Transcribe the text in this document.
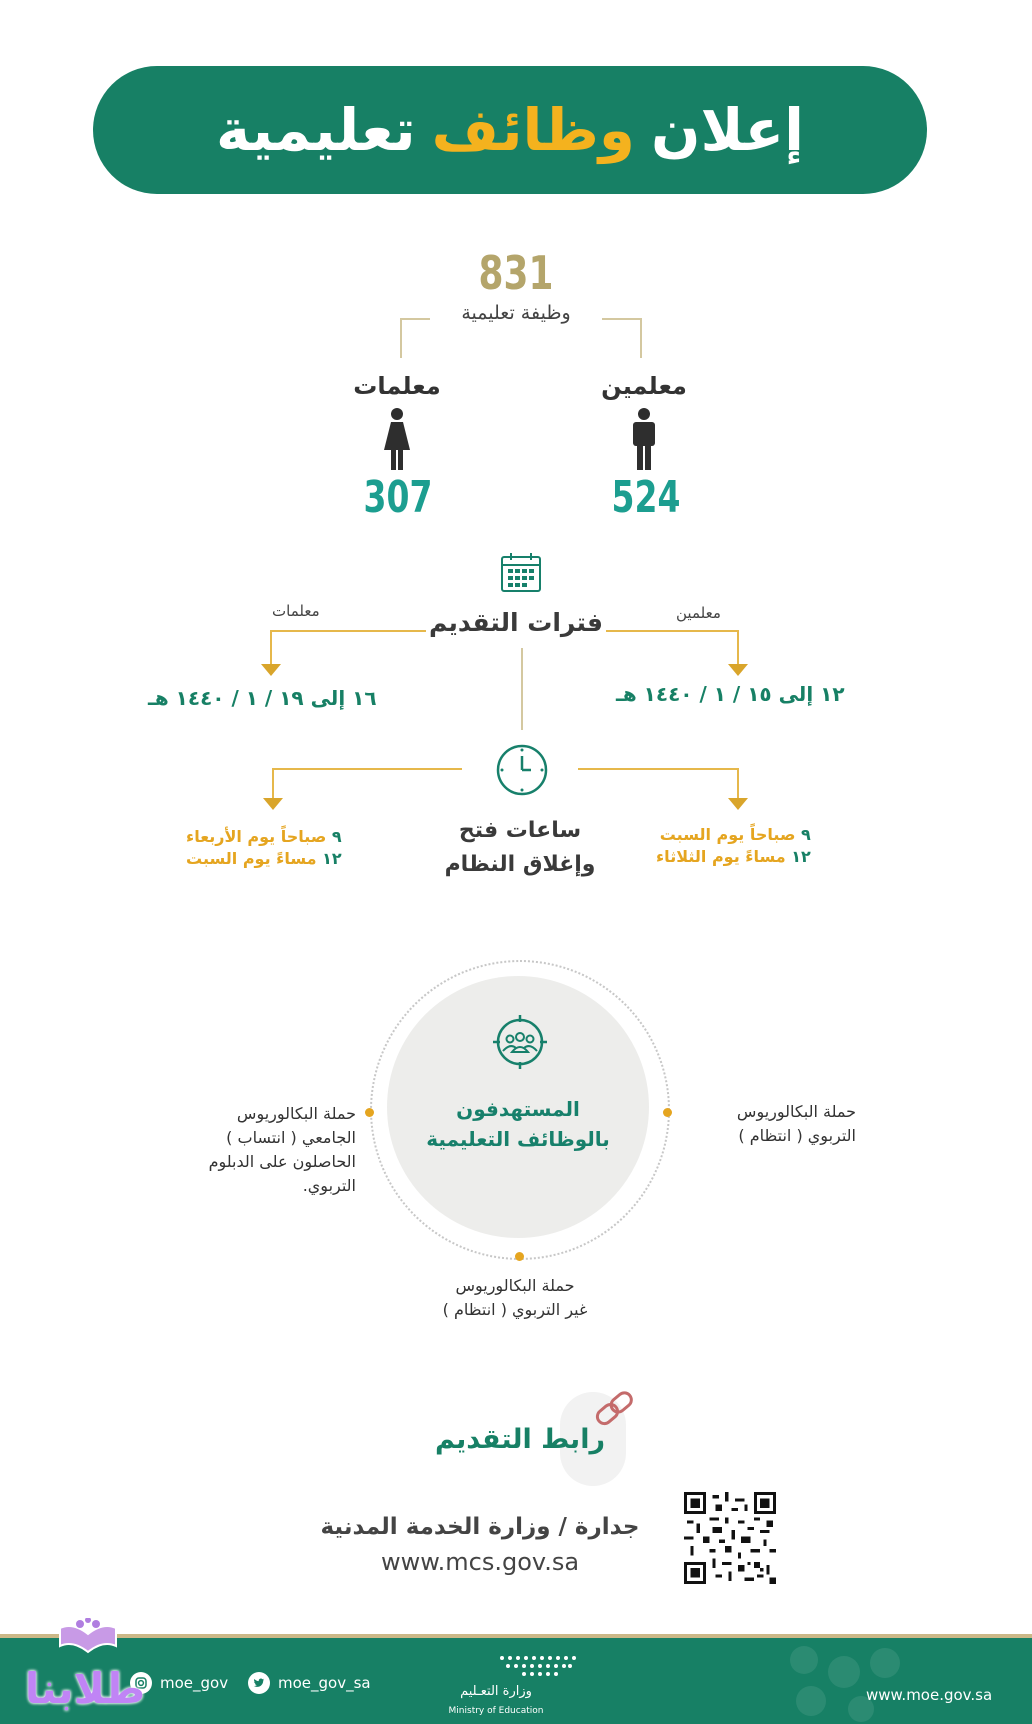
إعلان
وظائف
تعليمية
831
وظيفة تعليمية
معلمين
معلمات
524
307
فترات التقديم	معلمين
معلمات
١٢ إلى ١٥ / ١ / ١٤٤٠ هـ
١٦ إلى ١٩ / ١ / ١٤٤٠ هـ
ساعات فتح
وإغلاق النظام
٩ صباحاً يوم السبت
١٢ مساءً يوم الثلاثاء
٩ صباحاً يوم الأربعاء
١٢ مساءً يوم السبت
المستهدفون
بالوظائف التعليمية
حملة البكالوريوس
التربوي ( انتظام )
حملة البكالوريوس
الجامعي ( انتساب )
الحاصلون على الدبلوم
التربوي.
حملة البكالوريوس
غير التربوي ( انتظام )
رابط التقديم
جدارة / وزارة الخدمة المدنية
www.mcs.gov.sa
www.moe.gov.sa
وزارة التعـليم
Ministry of Education
moe_gov_sa
moe_gov
طلابنا
